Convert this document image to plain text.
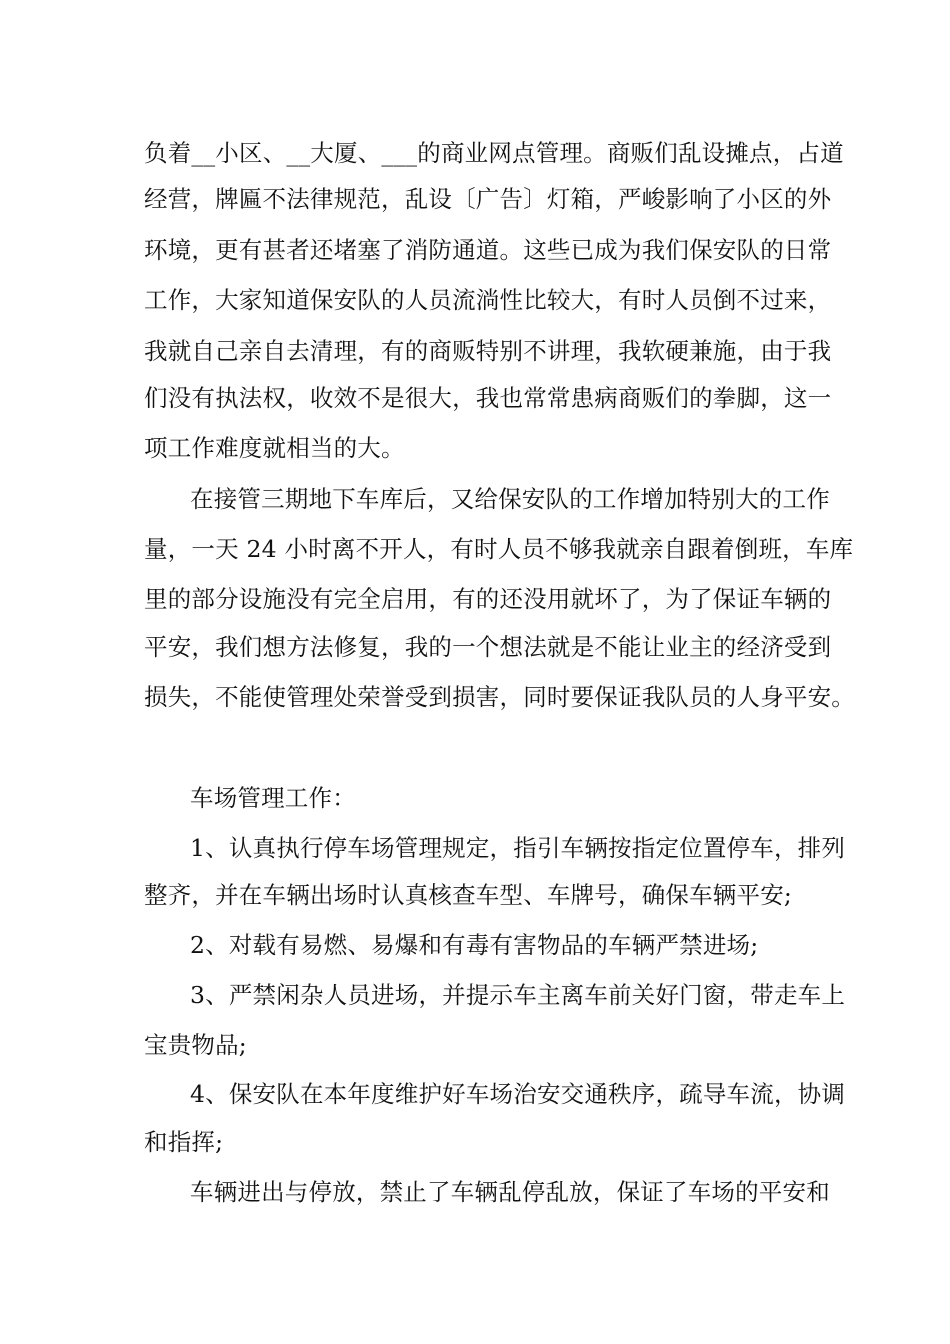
负着__小区、__大厦、___的商业网点管理。商贩们乱设摊点，占道
经营，牌匾不法律规范，乱设〔广告〕灯箱，严峻影响了小区的外
环境，更有甚者还堵塞了消防通道。这些已成为我们保安队的日常
工作，大家知道保安队的人员流淌性比较大，有时人员倒不过来，
我就自己亲自去清理，有的商贩特别不讲理，我软硬兼施，由于我
们没有执法权，收效不是很大，我也常常患病商贩们的拳脚，这一
项工作难度就相当的大。
在接管三期地下车库后，又给保安队的工作增加特别大的工作
量，一天 24 小时离不开人，有时人员不够我就亲自跟着倒班，车库
里的部分设施没有完全启用，有的还没用就坏了，为了保证车辆的
平安，我们想方法修复，我的一个想法就是不能让业主的经济受到
损失，不能使管理处荣誉受到损害，同时要保证我队员的人身平安。
车场管理工作：
1、认真执行停车场管理规定，指引车辆按指定位置停车，排列
整齐，并在车辆出场时认真核查车型、车牌号，确保车辆平安;
2、对载有易燃、易爆和有毒有害物品的车辆严禁进场;
3、严禁闲杂人员进场，并提示车主离车前关好门窗，带走车上
宝贵物品;
4、保安队在本年度维护好车场治安交通秩序，疏导车流，协调
和指挥;
车辆进出与停放，禁止了车辆乱停乱放，保证了车场的平安和
